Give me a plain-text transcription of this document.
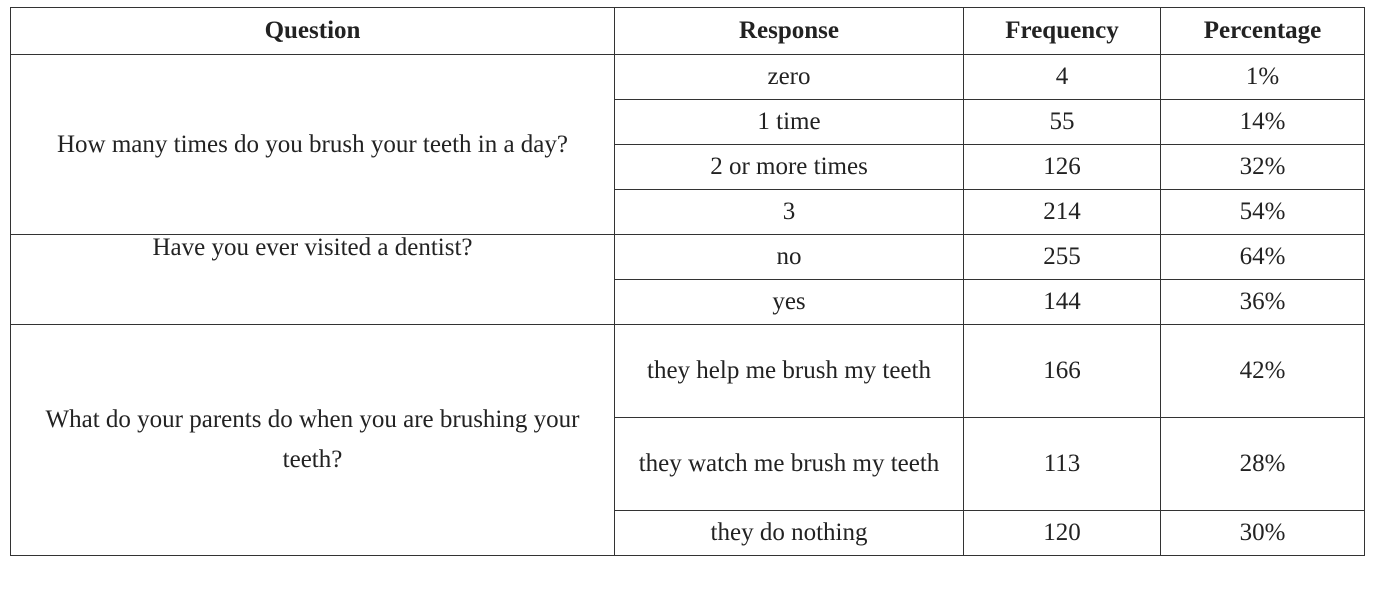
Question	Response	Frequency	Percentage
How many times do you brush your teeth in a day?	zero	4	1%
	1 time	55	14%
	2 or more times	126	32%
	3	214	54%

Have you ever visited a dentist?	no	255	64%
	yes	144	36%
What do your parents do when you are brushing your teeth?	they help me brush my teeth	166	42%
	they watch me brush my teeth	113	28%
	they do nothing	120	30%
